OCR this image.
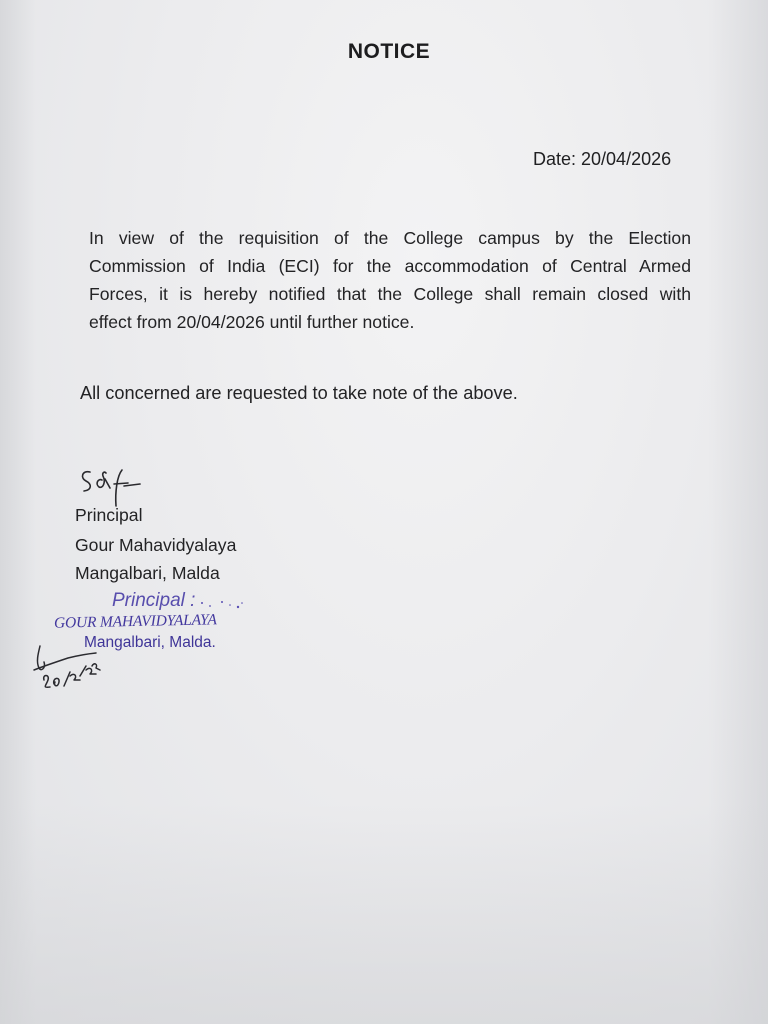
NOTICE
Date: 20/04/2026
In view of the requisition of the College campus by the Election
Commission of India (ECI) for the accommodation of Central Armed
Forces, it is hereby notified that the College shall remain closed with
effect from 20/04/2026 until further notice.
All concerned are requested to take note of the above.
Principal
Gour Mahavidyalaya
Mangalbari, Malda
Principal :
GOUR MAHAVIDYALAYA
Mangalbari, Malda.
